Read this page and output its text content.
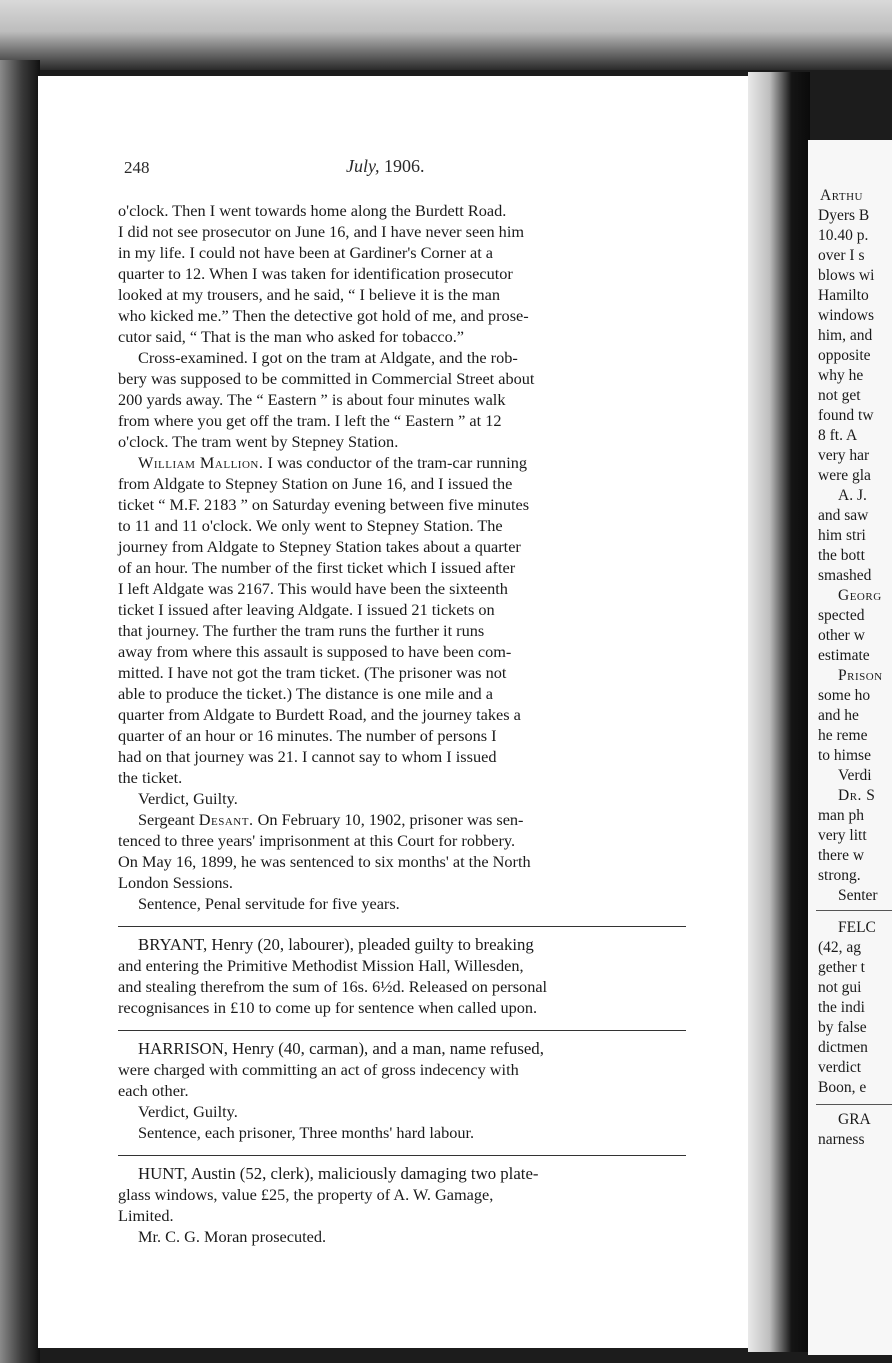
248	July, 1906.
o'clock. Then I went towards home along the Burdett Road.
I did not see prosecutor on June 16, and I have never seen him
in my life. I could not have been at Gardiner's Corner at a
quarter to 12. When I was taken for identification prosecutor
looked at my trousers, and he said, “ I believe it is the man
who kicked me.” Then the detective got hold of me, and prose-
cutor said, “ That is the man who asked for tobacco.”
Cross-examined. I got on the tram at Aldgate, and the rob-
bery was supposed to be committed in Commercial Street about
200 yards away. The “ Eastern ” is about four minutes walk
from where you get off the tram. I left the “ Eastern ” at 12
o'clock. The tram went by Stepney Station.
William Mallion. I was conductor of the tram-car running
from Aldgate to Stepney Station on June 16, and I issued the
ticket “ M.F. 2183 ” on Saturday evening between five minutes
to 11 and 11 o'clock. We only went to Stepney Station. The
journey from Aldgate to Stepney Station takes about a quarter
of an hour. The number of the first ticket which I issued after
I left Aldgate was 2167. This would have been the sixteenth
ticket I issued after leaving Aldgate. I issued 21 tickets on
that journey. The further the tram runs the further it runs
away from where this assault is supposed to have been com-
mitted. I have not got the tram ticket. (The prisoner was not
able to produce the ticket.) The distance is one mile and a
quarter from Aldgate to Burdett Road, and the journey takes a
quarter of an hour or 16 minutes. The number of persons I
had on that journey was 21. I cannot say to whom I issued
the ticket.
Verdict, Guilty.
Sergeant Desant. On February 10, 1902, prisoner was sen-
tenced to three years' imprisonment at this Court for robbery.
On May 16, 1899, he was sentenced to six months' at the North
London Sessions.
Sentence, Penal servitude for five years.
BRYANT, Henry (20, labourer), pleaded guilty to breaking
and entering the Primitive Methodist Mission Hall, Willesden,
and stealing therefrom the sum of 16s. 6½d. Released on personal
recognisances in £10 to come up for sentence when called upon.
HARRISON, Henry (40, carman), and a man, name refused,
were charged with committing an act of gross indecency with
each other.
Verdict, Guilty.
Sentence, each prisoner, Three months' hard labour.
HUNT, Austin (52, clerk), maliciously damaging two plate-
glass windows, value £25, the property of A. W. Gamage,
Limited.
Mr. C. G. Moran prosecuted.
Arthu
Dyers B
10.40 p.
over I s
blows wi
Hamilto
windows
him, and
opposite
why he
not get
found tw
8 ft. A
very har
were gla
A. J.
and saw
him stri
the bott
smashed
Georg
spected
other w
estimate
Prison
some ho
and he
he reme
to himse
Verdi
Dr. S
man ph
very litt
there w
strong.
Senter
FELC
(42, ag
gether t
not gui
the indi
by false
dictmen
verdict
Boon, e
GRA
narness
